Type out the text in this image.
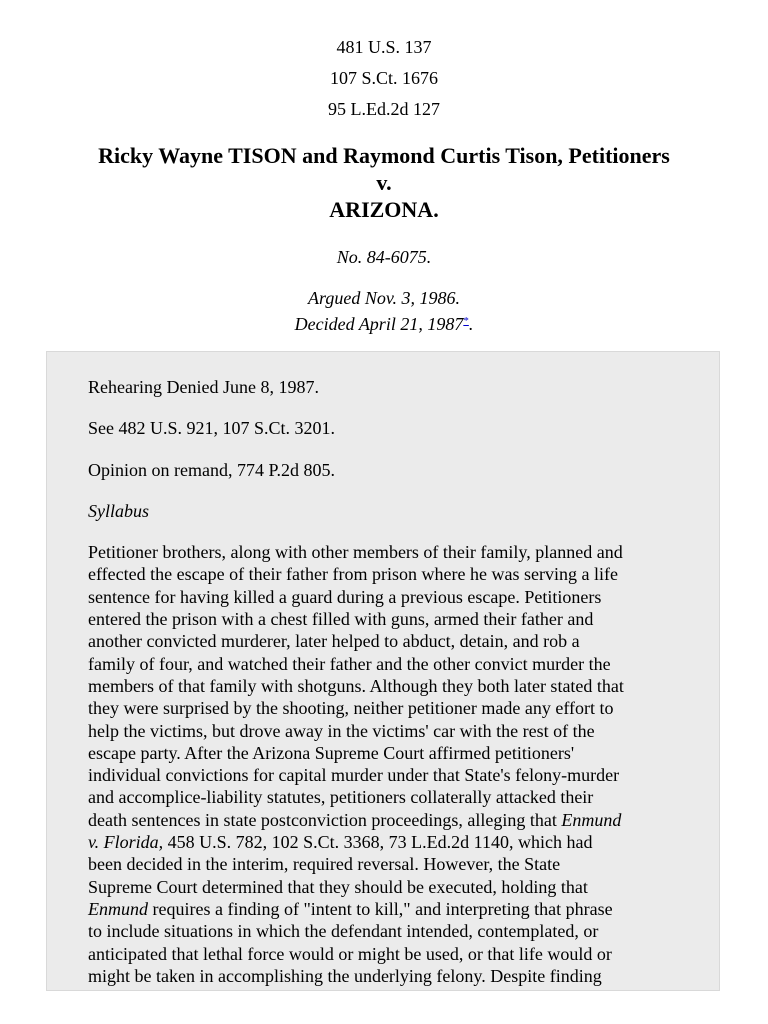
481 U.S. 137
107 S.Ct. 1676
95 L.Ed.2d 127
Ricky Wayne TISON and Raymond Curtis Tison, Petitioners
v.
ARIZONA.
No. 84-6075.
Argued Nov. 3, 1986.
Decided April 21, 1987*.

Rehearing Denied June 8, 1987.

See 482 U.S. 921, 107 S.Ct. 3201.

Opinion on remand, 774 P.2d 805.

Syllabus

Petitioner brothers, along with other members of their family, planned and
effected the escape of their father from prison where he was serving a life
sentence for having killed a guard during a previous escape. Petitioners
entered the prison with a chest filled with guns, armed their father and
another convicted murderer, later helped to abduct, detain, and rob a
family of four, and watched their father and the other convict murder the
members of that family with shotguns. Although they both later stated that
they were surprised by the shooting, neither petitioner made any effort to
help the victims, but drove away in the victims' car with the rest of the
escape party. After the Arizona Supreme Court affirmed petitioners'
individual convictions for capital murder under that State's felony-murder
and accomplice-liability statutes, petitioners collaterally attacked their
death sentences in state postconviction proceedings, alleging that Enmund
v. Florida, 458 U.S. 782, 102 S.Ct. 3368, 73 L.Ed.2d 1140, which had
been decided in the interim, required reversal. However, the State
Supreme Court determined that they should be executed, holding that
Enmund requires a finding of "intent to kill," and interpreting that phrase
to include situations in which the defendant intended, contemplated, or
anticipated that lethal force would or might be used, or that life would or
might be taken in accomplishing the underlying felony. Despite finding
